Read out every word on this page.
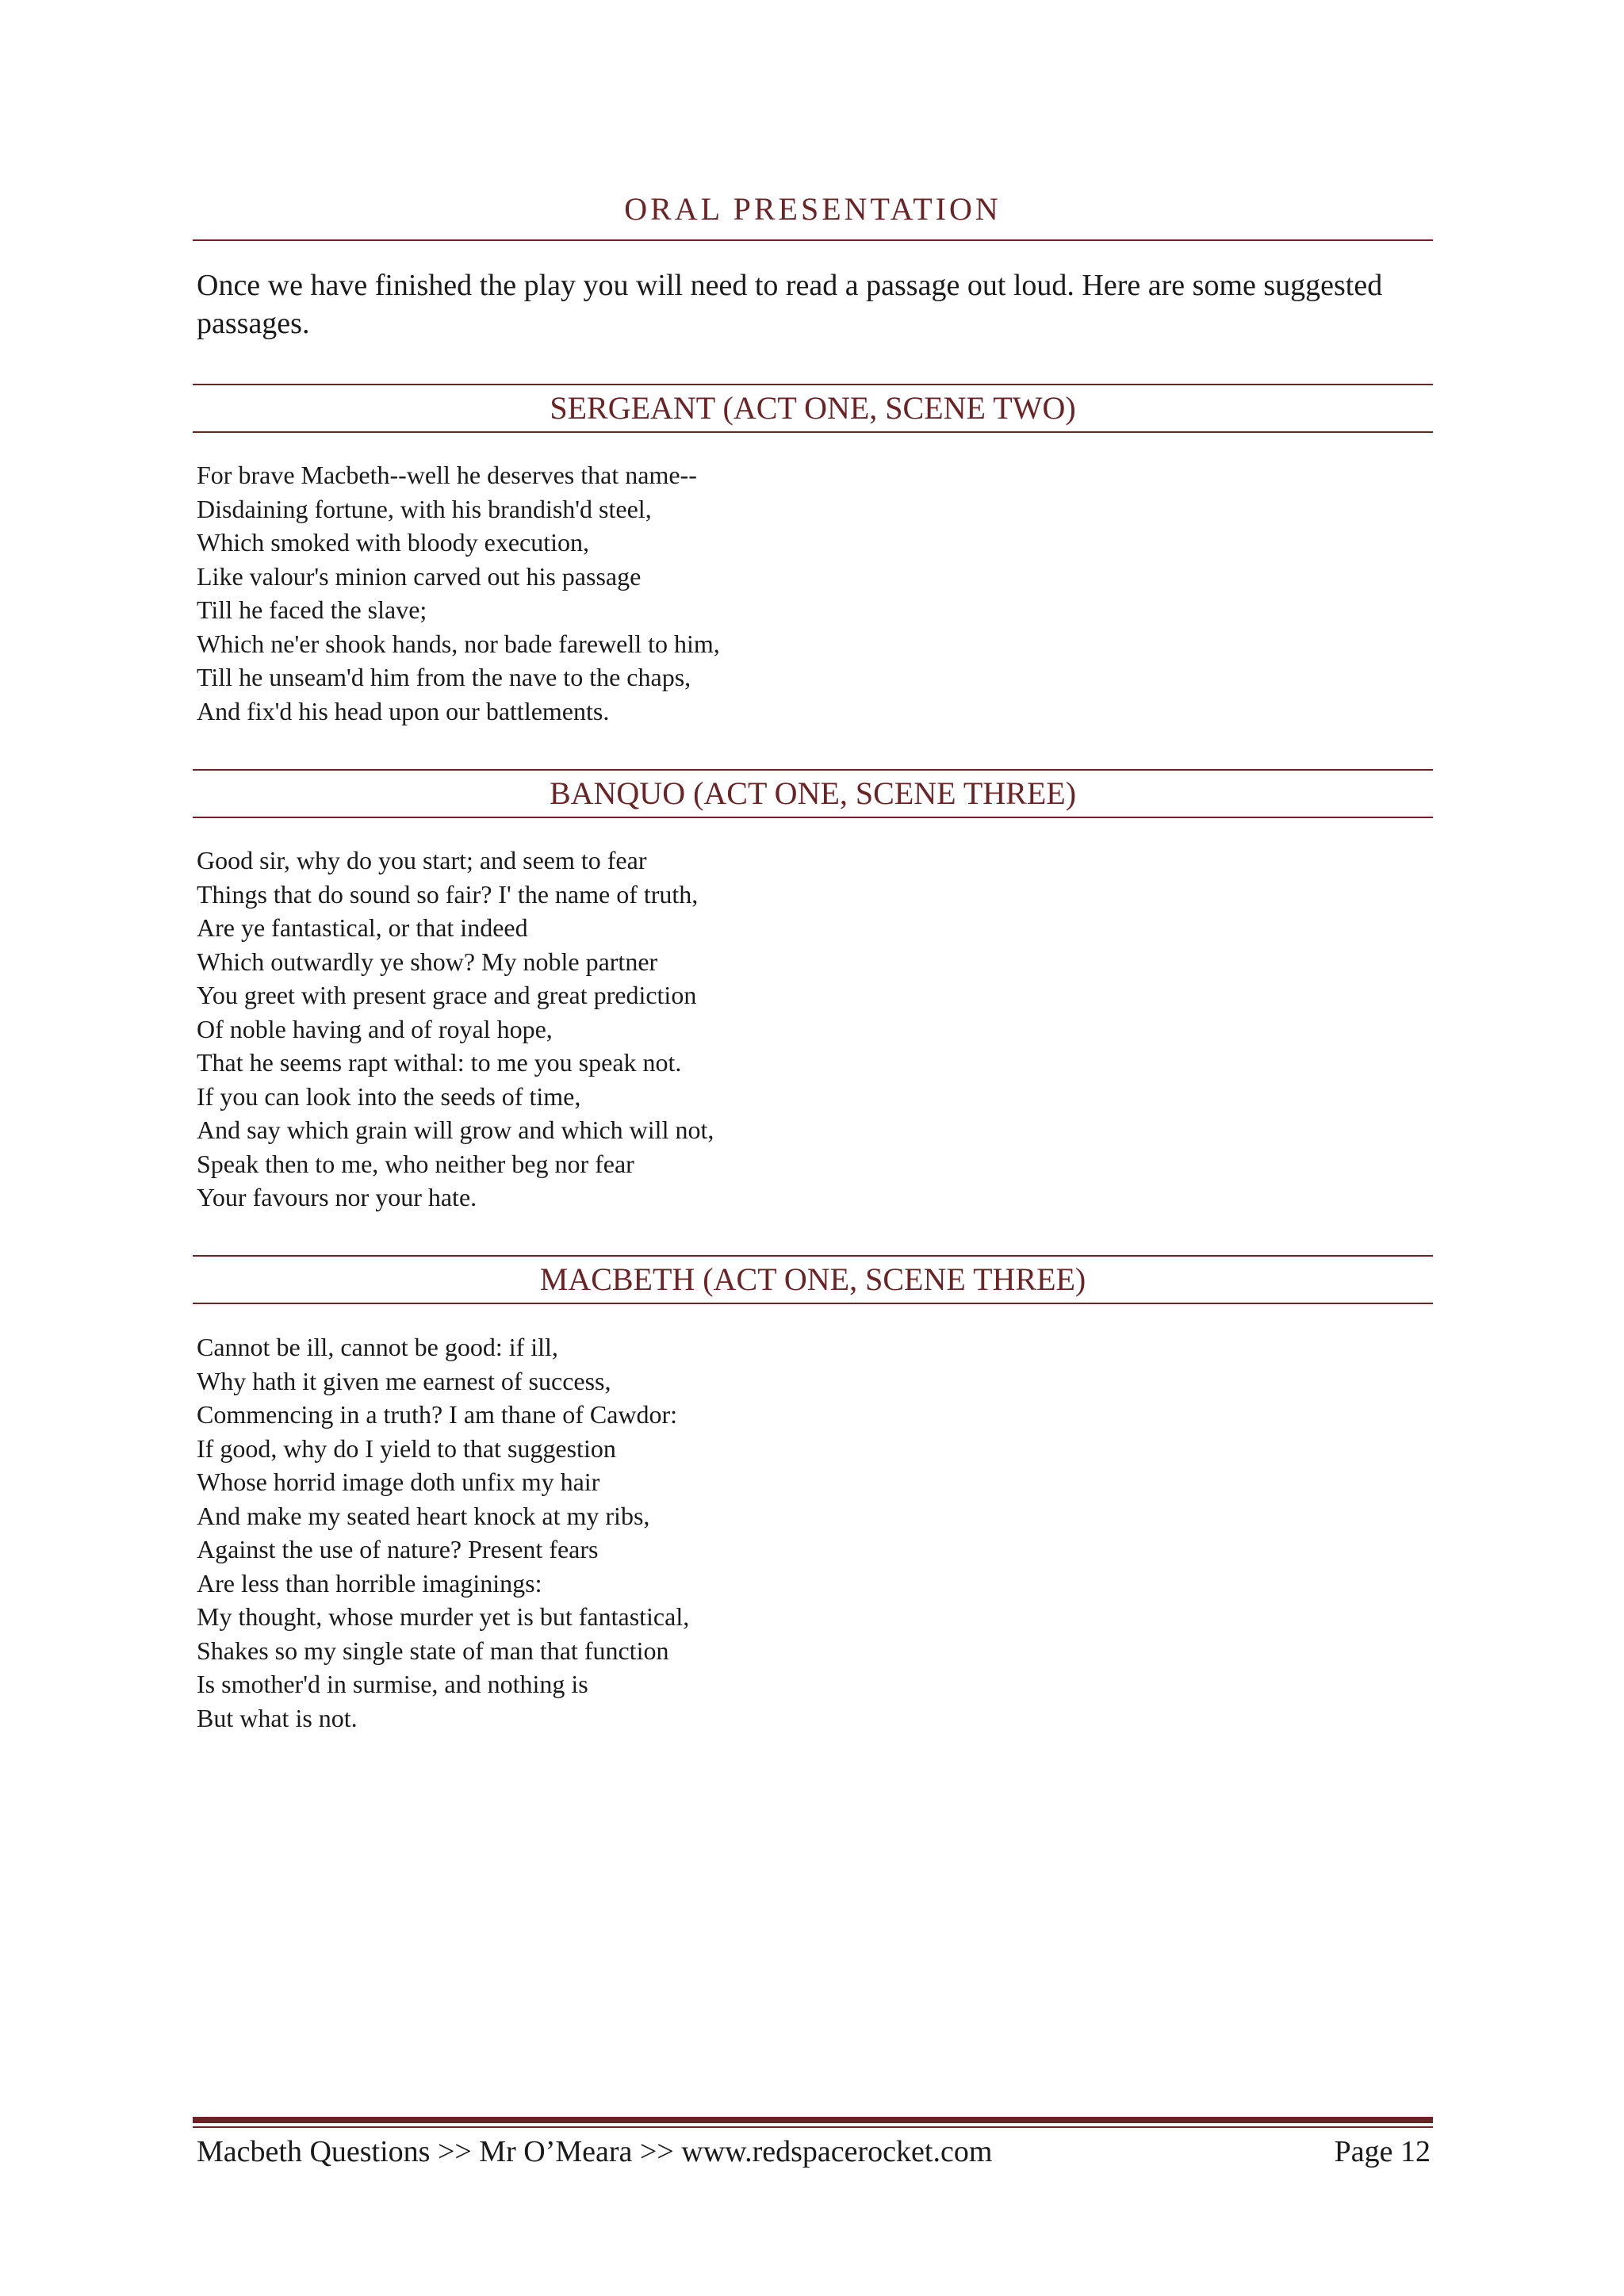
ORAL PRESENTATION
Once we have finished the play you will need to read a passage out loud. Here are some suggested passages.
SERGEANT (ACT ONE, SCENE TWO)
For brave Macbeth--well he deserves that name--
Disdaining fortune, with his brandish'd steel,
Which smoked with bloody execution,
Like valour's minion carved out his passage
Till he faced the slave;
Which ne'er shook hands, nor bade farewell to him,
Till he unseam'd him from the nave to the chaps,
And fix'd his head upon our battlements.
BANQUO (ACT ONE, SCENE THREE)
Good sir, why do you start; and seem to fear
Things that do sound so fair? I' the name of truth,
Are ye fantastical, or that indeed
Which outwardly ye show? My noble partner
You greet with present grace and great prediction
Of noble having and of royal hope,
That he seems rapt withal: to me you speak not.
If you can look into the seeds of time,
And say which grain will grow and which will not,
Speak then to me, who neither beg nor fear
Your favours nor your hate.
MACBETH (ACT ONE, SCENE THREE)
Cannot be ill, cannot be good: if ill,
Why hath it given me earnest of success,
Commencing in a truth? I am thane of Cawdor:
If good, why do I yield to that suggestion
Whose horrid image doth unfix my hair
And make my seated heart knock at my ribs,
Against the use of nature? Present fears
Are less than horrible imaginings:
My thought, whose murder yet is but fantastical,
Shakes so my single state of man that function
Is smother'd in surmise, and nothing is
But what is not.
Macbeth Questions >> Mr O’Meara >> www.redspacerocket.com	Page 12
